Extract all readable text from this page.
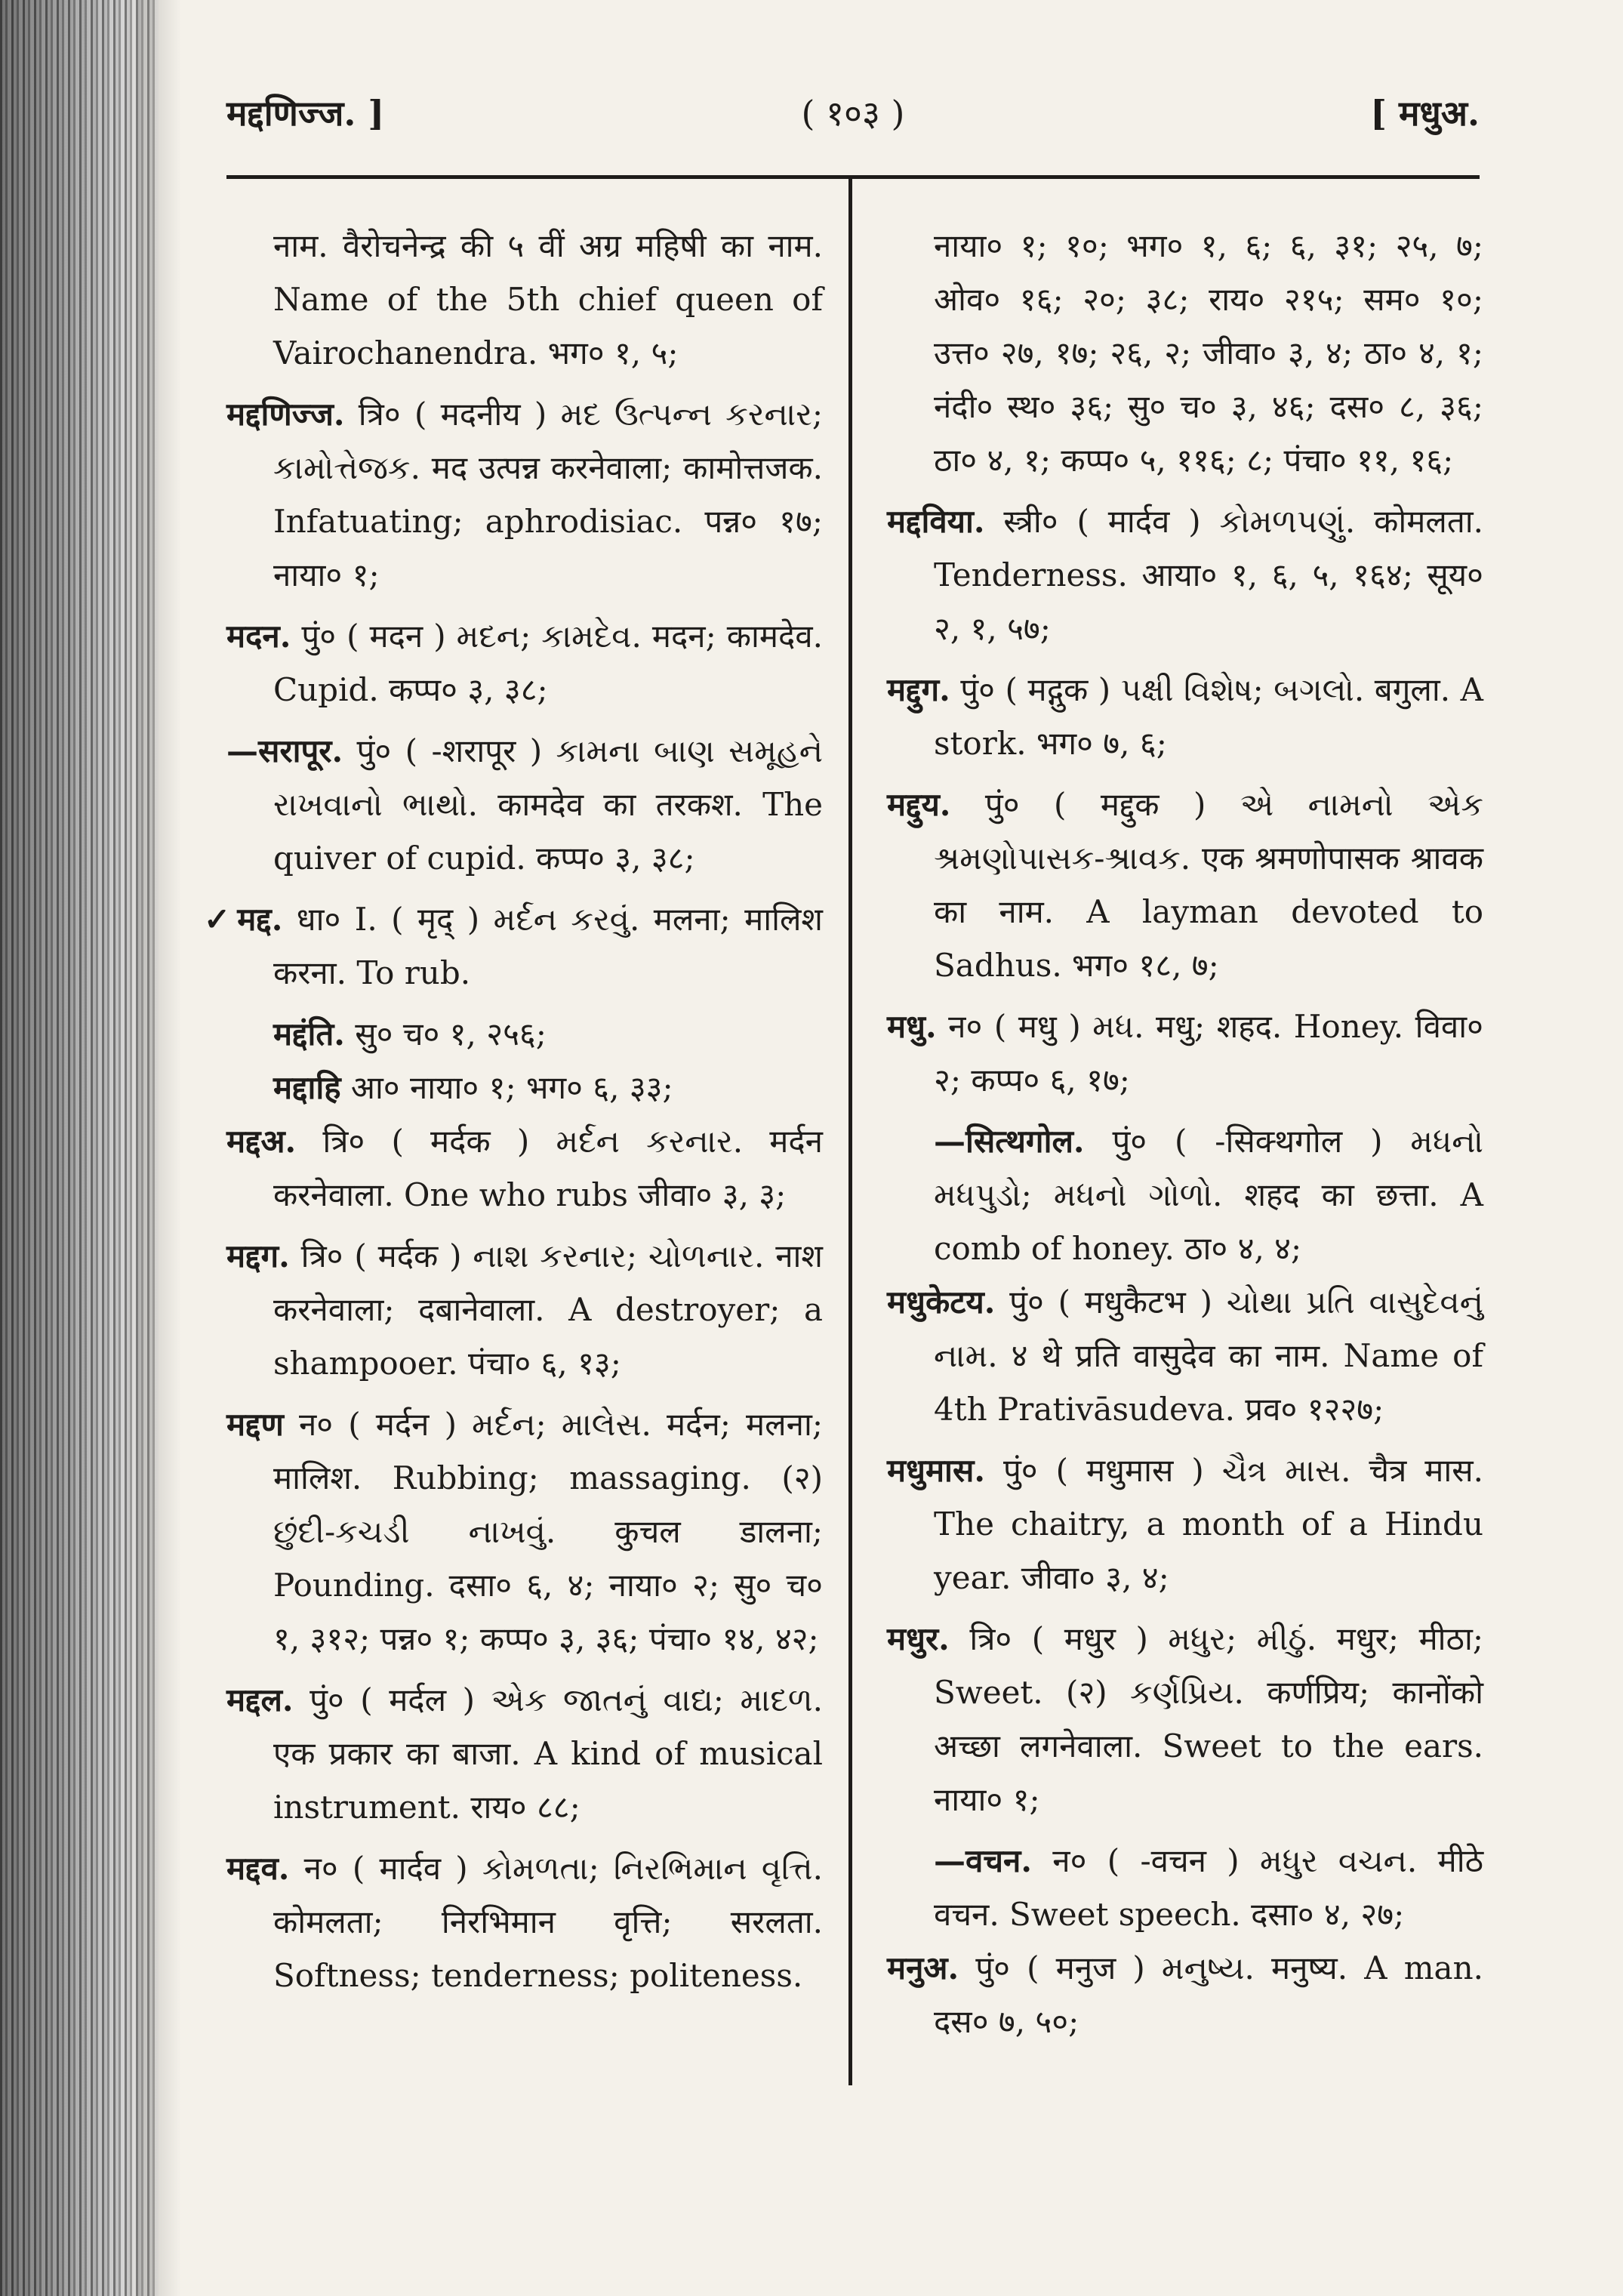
मद्दणिज्ज. ]	( १०३ )	[ मधुअ.

नाम. वैरोचनेन्द्र की ५ वीं अग्र महिषी का नाम. Name of the 5th chief queen of Vairochanendra. भग० १, ५;

मद्दणिज्ज. त्रि० ( मदनीय ) મદ ઉત્પન્ન કરનાર; કામોત્તેજક. मद उत्पन्न करनेवाला; कामोत्तजक. Infatuating; aphrodisiac. पन्न० १७; नाया० १;

मदन. पुं० ( मदन ) મદન; કામદેવ. मदन; कामदेव. Cupid. कप्प० ३, ३८;

—सरापूर. पुं० ( -शरापूर ) કામના બાણ સમૂહને રાખવાનો ભાથો. कामदेव का तरकश. The quiver of cupid. कप्प० ३, ३८;

✓मद्द. धा० I. ( मृद् ) મર્દન કરવું. मलना; मालिश करना. To rub.

मद्दंति. सु० च० १, २५६;

मद्दाहि आ० नाया० १; भग० ६, ३३;

मद्दअ. त्रि० ( मर्दक ) મર્દન કરનાર. मर्दन करनेवाला. One who rubs जीवा० ३, ३;

मद्दग. त्रि० ( मर्दक ) નાશ કરનાર; ચોળનાર. नाश करनेवाला; दबानेवाला. A destroyer; a shampooer. पंचा० ६, १३;

मद्दण न० ( मर्दन ) મર્દન; માલેસ. मर्दन; मलना; मालिश. Rubbing; massaging. (२) છુંદી-કચડી નાખવું. कुचल डालना; Pounding. दसा० ६, ४; नाया० २; सु० च० १, ३१२; पन्न० १; कप्प० ३, ३६; पंचा० १४, ४२;

मद्दल. पुं० ( मर्दल ) એક જાતનું વાદ્ય; માદળ. एक प्रकार का बाजा. A kind of musical instrument. राय० ८८;

मद्दव. न० ( मार्दव ) કોમળતા; નિરભિમાન વૃત્તિ. कोमलता; निरभिमान वृत्ति; सरलता. Softness; tenderness; politeness.

नाया० १; १०; भग० १, ६; ६, ३१; २५, ७; ओव० १६; २०; ३८; राय० २१५; सम० १०; उत्त० २७, १७; २६, २; जीवा० ३, ४; ठा० ४, १; नंदी० स्थ० ३६; सु० च० ३, ४६; दस० ८, ३६; ठा० ४, १; कप्प० ५, ११६; ८; पंचा० ११, १६;

मद्दविया. स्त्री० ( मार्दव ) કોમળપણું. कोमलता. Tenderness. आया० १, ६, ५, १६४; सूय० २, १, ५७;

मद्दुग. पुं० ( मद्गुक ) પક્ષી વિશેષ; બગલો. बगुला. A stork. भग० ७, ६;

मद्दुय. पुं० ( मद्दुक ) એ નામનો એક શ્રમણોપાસક-શ્રાવક. एक श्रमणोपासक श्रावक का नाम. A layman devoted to Sadhus. भग० १८, ७;

मधु. न० ( मधु ) મધ. मधु; शहद. Honey. विवा० २; कप्प० ६, १७;

—सित्थगोल. पुं० ( -सिक्थगोल ) મધનો મધપુડો; મધનો ગોળો. शहद का छत्ता. A comb of honey. ठा० ४, ४;

मधुकेटय. पुं० ( मधुकैटभ ) ચોથા પ્રતિ વાસુદેવનું નામ. ४ थे प्रति वासुदेव का नाम. Name of 4th Prativāsudeva. प्रव० १२२७;

मधुमास. पुं० ( मधुमास ) ચૈત્ર માસ. चैत्र मास. The chaitry, a month of a Hindu year. जीवा० ३, ४;

मधुर. त्रि० ( मधुर ) મધુર; મીઠું. मधुर; मीठा; Sweet. (२) કર્ણપ્રિય. कर्णप्रिय; कानोंको अच्छा लगनेवाला. Sweet to the ears. नाया० १;

—वचन. न० ( -वचन ) મધુર વચન. मीठे वचन. Sweet speech. दसा० ४, २७;

मनुअ. पुं० ( मनुज ) મનુષ્ય. मनुष्य. A man. दस० ७, ५०;
